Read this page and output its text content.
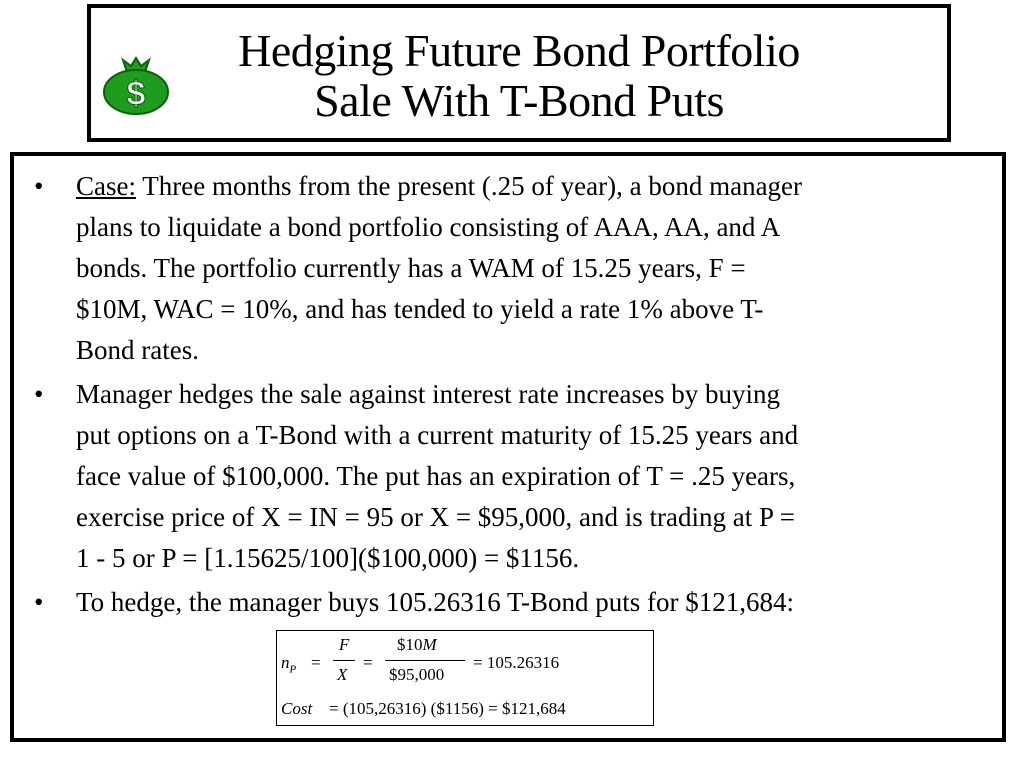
Hedging Future Bond Portfolio
Sale With T-Bond Puts
$
• Case: Three months from the present (.25 of year), a bond manager
plans to liquidate a bond portfolio consisting of AAA, AA, and A
bonds. The portfolio currently has a WAM of 15.25 years, F =
$10M, WAC = 10%, and has tended to yield a rate 1% above T-
Bond rates.
• Manager hedges the sale against interest rate increases by buying
put options on a T-Bond with a current maturity of 15.25 years and
face value of $100,000. The put has an expiration of T = .25 years,
exercise price of X = IN = 95 or X = $95,000, and is trading at P =
1 - 5 or P = [1.15625/100]($100,000) = $1156.
• To hedge, the manager buys 105.26316 T-Bond puts for $121,684:
$n_P$ =
F
X
=
$10M
$95,000
= 105.26316
Cost = (105,26316) ($1156) = $121,684
